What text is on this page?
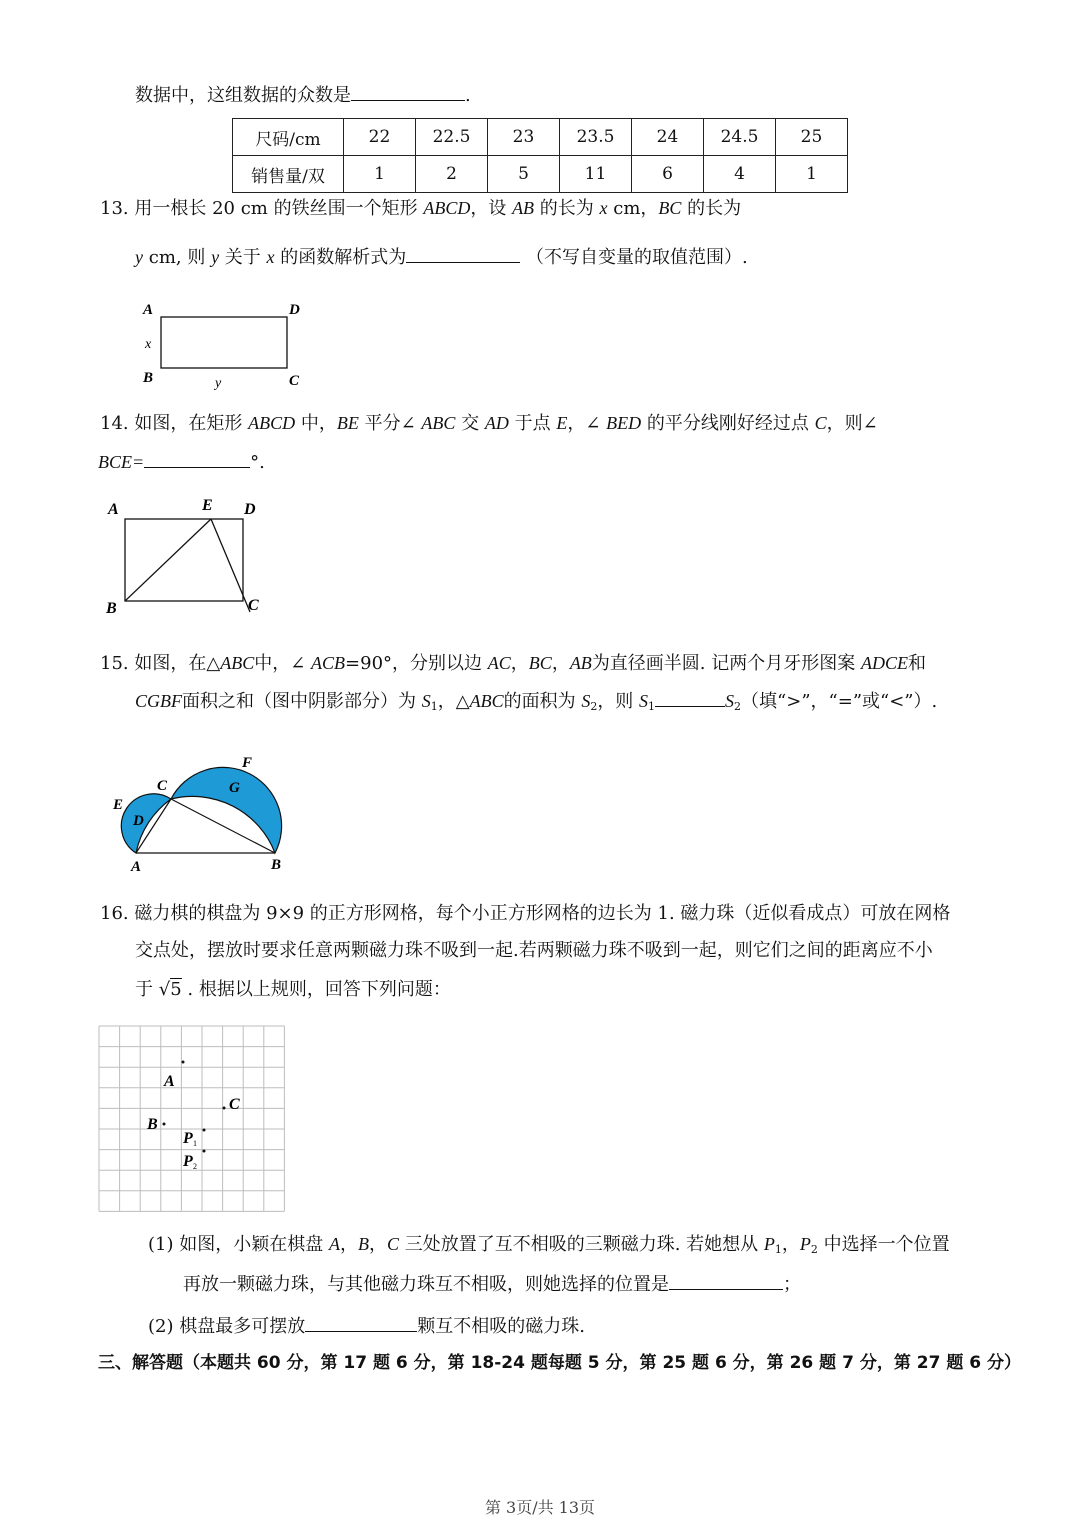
数据中，这组数据的众数是	.
尺码/cm	22	22.5	23	23.5	24	24.5	25
销售量/双	1	2	5	11	6	4	1
13. 用一根长 20 cm 的铁丝围一个矩形 ABCD，设 AB 的长为 x cm，BC 的长为
y cm, 则 y 关于 x 的函数解析式为	（不写自变量的取值范围）.
A	D
B	C
x
y
14. 如图，在矩形 ABCD 中，BE 平分∠ ABC 交 AD 于点 E，∠ BED 的平分线刚好经过点 C，则∠
BCE=	°.
A	E D
B	C
15. 如图，在△ABC中，∠ ACB=90°，分别以边 AC，BC，AB为直径画半圆. 记两个月牙形图案 ADCE和
CGBF面积之和（图中阴影部分）为 $S_1$，△ABC的面积为 $S_2$，则 $S_1$	$S_2$（填“>”，“=”或“<”）.
E
C
F
G
D
A	B
16. 磁力棋的棋盘为 9×9 的正方形网格，每个小正方形网格的边长为 1. 磁力珠（近似看成点）可放在网格
交点处，摆放时要求任意两颗磁力珠不吸到一起.若两颗磁力珠不吸到一起，则它们之间的距离应不小
于 √5 . 根据以上规则，回答下列问题：
A
B
C
P 1
P 2
(1) 如图，小颖在棋盘 A，B，C 三处放置了互不相吸的三颗磁力珠. 若她想从 $P_1$，$P_2$ 中选择一个位置
再放一颗磁力珠，与其他磁力珠互不相吸，则她选择的位置是	；
(2) 棋盘最多可摆放	颗互不相吸的磁力珠.
三、解答题（本题共 60 分，第 17 题 6 分，第 18-24 题每题 5 分，第 25 题 6 分，第 26 题 7 分，第 27 题 6 分）
第 3页/共 13页
